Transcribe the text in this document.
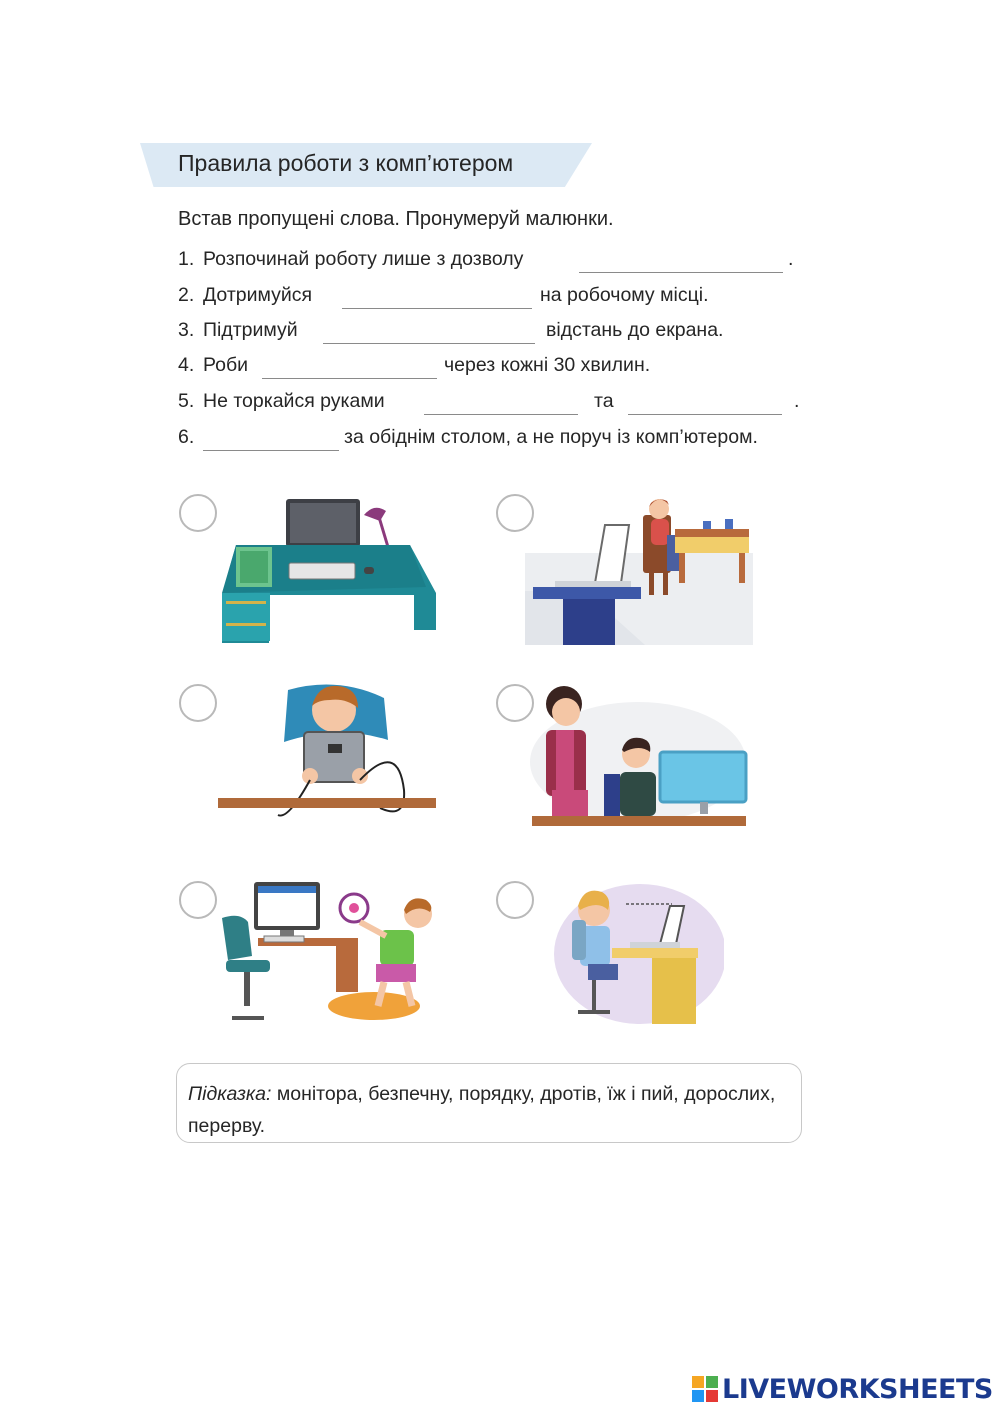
Правила роботи з комп’ютером
Встав пропущені слова. Пронумеруй малюнки.
1. Розпочинай роботу лише з дозволу	.
2. Дотримуйся	на робочому місці.
3. Підтримуй	відстань до екрана.
4. Роби	через кожні 30 хвилин.
5. Не торкайся руками	та	.
6.	за обіднім столом, а не поруч із комп’ютером.
Підказка: монітора, безпечну, порядку, дротів, їж і пий, дорослих, перерву.
LIVEWORKSHEETS
